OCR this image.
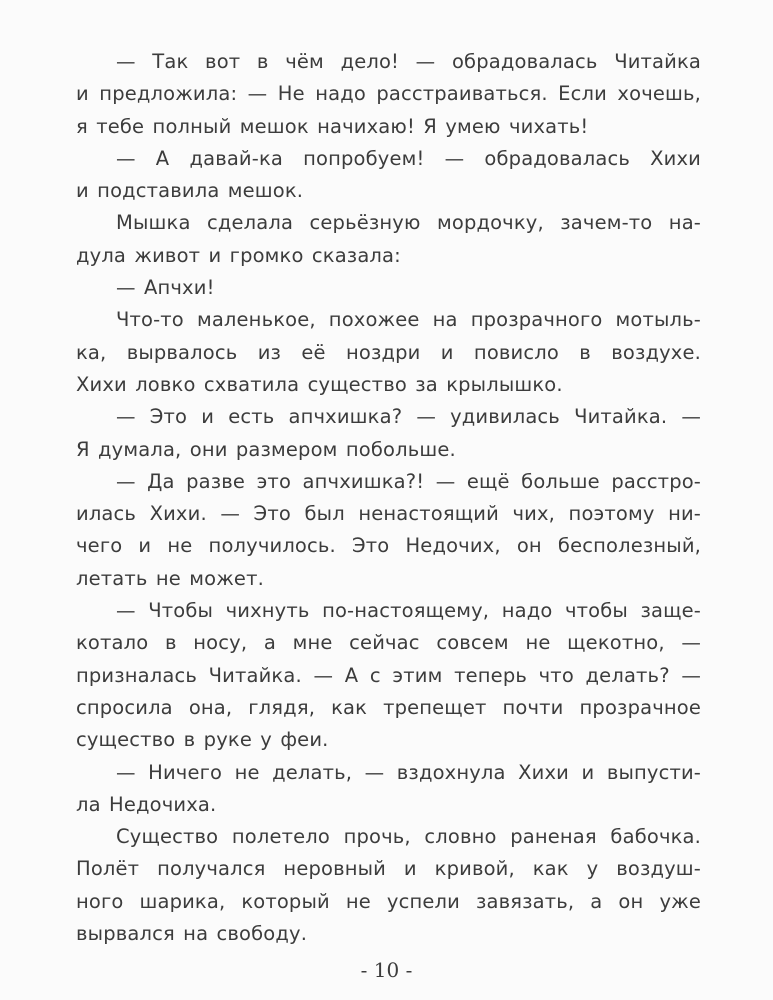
— Так вот в чём дело! — обрадовалась Читайка
и предложила: — Не надо расстраиваться. Если хочешь,
я тебе полный мешок начихаю! Я умею чихать!
— А давай-ка попробуем! — обрадовалась Хихи
и подставила мешок.
Мышка сделала серьёзную мордочку, зачем-то на-
дула живот и громко сказала:
— Апчхи!
Что-то маленькое, похожее на прозрачного мотыль-
ка, вырвалось из её ноздри и повисло в воздухе.
Хихи ловко схватила существо за крылышко.
— Это и есть апчхишка? — удивилась Читайка. —
Я думала, они размером побольше.
— Да разве это апчхишка?! — ещё больше расстро-
илась Хихи. — Это был ненастоящий чих, поэтому ни-
чего и не получилось. Это Недочих, он бесполезный,
летать не может.
— Чтобы чихнуть по-настоящему, надо чтобы заще-
котало в носу, а мне сейчас совсем не щекотно, —
призналась Читайка. — А с этим теперь что делать? —
спросила она, глядя, как трепещет почти прозрачное
существо в руке у феи.
— Ничего не делать, — вздохнула Хихи и выпусти-
ла Недочиха.
Существо полетело прочь, словно раненая бабочка.
Полёт получался неровный и кривой, как у воздуш-
ного шарика, который не успели завязать, а он уже
вырвался на свободу.
- 10 -
